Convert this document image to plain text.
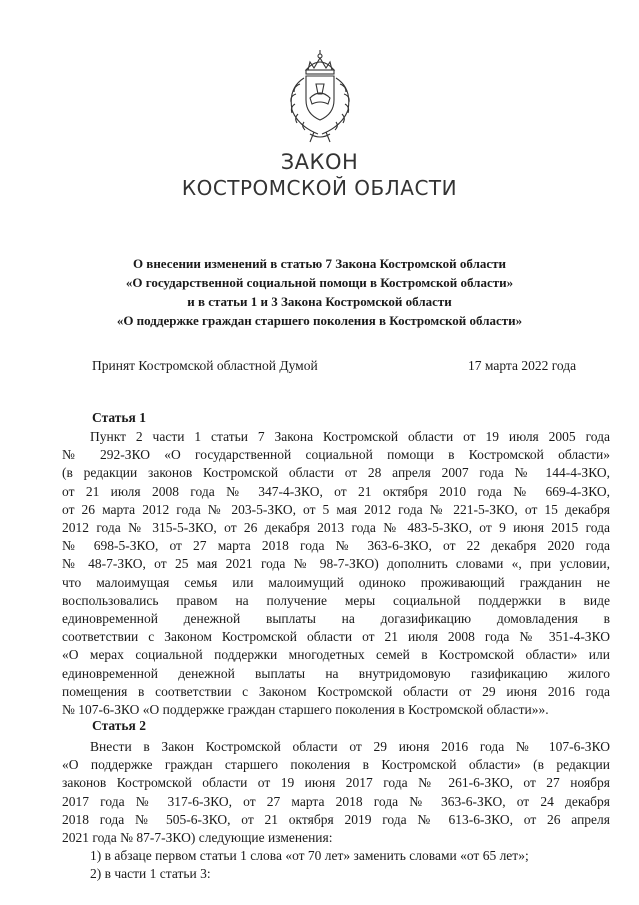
ЗАКОН
КОСТРОМСКОЙ ОБЛАСТИ
О внесении изменений в статью 7 Закона Костромской области
«О государственной социальной помощи в Костромской области»
и в статьи 1 и 3 Закона Костромской области
«О поддержке граждан старшего поколения в Костромской области»
Принят Костромской областной Думой	17 марта 2022 года
Статья 1
Пункт 2 части 1 статьи 7 Закона Костромской области от 19 июля 2005 года
№ 292-ЗКО «О государственной социальной помощи в Костромской области»
(в редакции законов Костромской области от 28 апреля 2007 года № 144-4-ЗКО,
от 21 июля 2008 года № 347-4-ЗКО, от 21 октября 2010 года № 669-4-ЗКО,
от 26 марта 2012 года № 203-5-ЗКО, от 5 мая 2012 года № 221-5-ЗКО, от 15 декабря
2012 года № 315-5-ЗКО, от 26 декабря 2013 года № 483-5-ЗКО, от 9 июня 2015 года
№ 698-5-ЗКО, от 27 марта 2018 года № 363-6-ЗКО, от 22 декабря 2020 года
№ 48-7-ЗКО, от 25 мая 2021 года № 98-7-ЗКО) дополнить словами «, при условии,
что малоимущая семья или малоимущий одиноко проживающий гражданин не
воспользовались правом на получение меры социальной поддержки в виде
единовременной денежной выплаты на догазификацию домовладения в
соответствии с Законом Костромской области от 21 июля 2008 года № 351-4-ЗКО
«О мерах социальной поддержки многодетных семей в Костромской области» или
единовременной денежной выплаты на внутридомовую газификацию жилого
помещения в соответствии с Законом Костромской области от 29 июня 2016 года
№ 107-6-ЗКО «О поддержке граждан старшего поколения в Костромской области»».
Статья 2
Внести в Закон Костромской области от 29 июня 2016 года № 107-6-ЗКО
«О поддержке граждан старшего поколения в Костромской области» (в редакции
законов Костромской области от 19 июня 2017 года № 261-6-ЗКО, от 27 ноября
2017 года № 317-6-ЗКО, от 27 марта 2018 года № 363-6-ЗКО, от 24 декабря
2018 года № 505-6-ЗКО, от 21 октября 2019 года № 613-6-ЗКО, от 26 апреля
2021 года № 87-7-ЗКО) следующие изменения:
1) в абзаце первом статьи 1 слова «от 70 лет» заменить словами «от 65 лет»;
2) в части 1 статьи 3:
